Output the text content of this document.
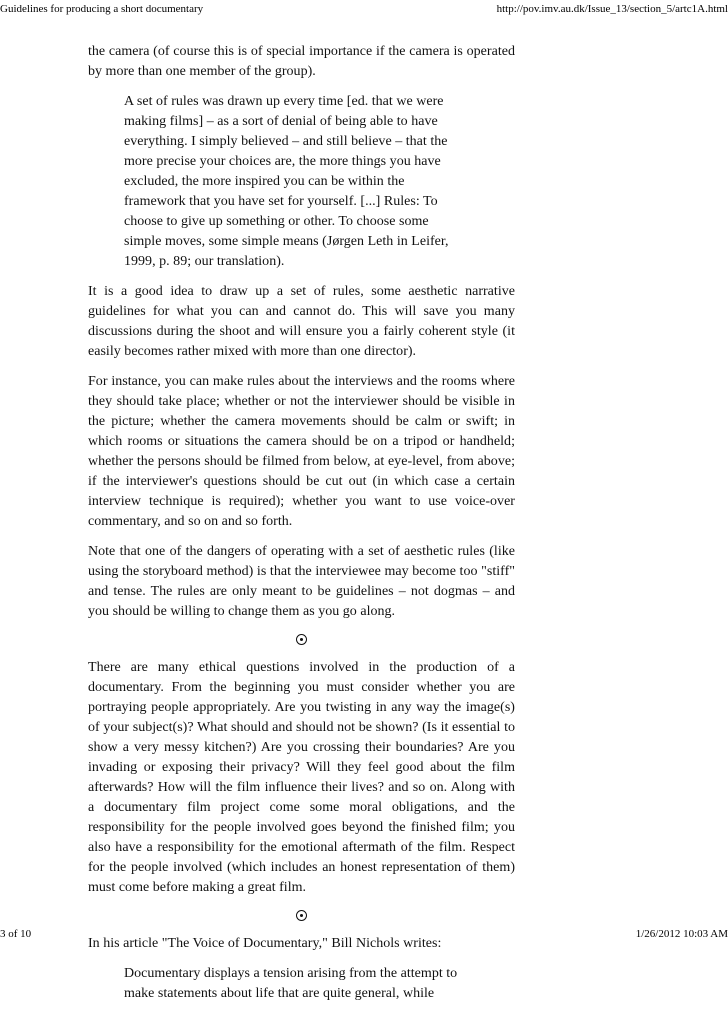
Guidelines for producing a short documentary	http://pov.imv.au.dk/Issue_13/section_5/artc1A.html

the camera (of course this is of special importance if the camera is operated by more than one member of the group).

A set of rules was drawn up every time [ed. that we were making films] – as a sort of denial of being able to have everything. I simply believed – and still believe – that the more precise your choices are, the more things you have excluded, the more inspired you can be within the framework that you have set for yourself. [...] Rules: To choose to give up something or other. To choose some simple moves, some simple means (Jørgen Leth in Leifer, 1999, p. 89; our translation).

It is a good idea to draw up a set of rules, some aesthetic narrative guidelines for what you can and cannot do. This will save you many discussions during the shoot and will ensure you a fairly coherent style (it easily becomes rather mixed with more than one director).

For instance, you can make rules about the interviews and the rooms where they should take place; whether or not the interviewer should be visible in the picture; whether the camera movements should be calm or swift; in which rooms or situations the camera should be on a tripod or handheld; whether the persons should be filmed from below, at eye-level, from above; if the interviewer's questions should be cut out (in which case a certain interview technique is required); whether you want to use voice-over commentary, and so on and so forth.

Note that one of the dangers of operating with a set of aesthetic rules (like using the storyboard method) is that the interviewee may become too "stiff" and tense. The rules are only meant to be guidelines – not dogmas – and you should be willing to change them as you go along.

There are many ethical questions involved in the production of a documentary. From the beginning you must consider whether you are portraying people appropriately. Are you twisting in any way the image(s) of your subject(s)? What should and should not be shown? (Is it essential to show a very messy kitchen?) Are you crossing their boundaries? Are you invading or exposing their privacy? Will they feel good about the film afterwards? How will the film influence their lives? and so on. Along with a documentary film project come some moral obligations, and the responsibility for the people involved goes beyond the finished film; you also have a responsibility for the emotional aftermath of the film. Respect for the people involved (which includes an honest representation of them) must come before making a great film.

In his article "The Voice of Documentary," Bill Nichols writes:

Documentary displays a tension arising from the attempt to make statements about life that are quite general, while
3 of 10	1/26/2012 10:03 AM
